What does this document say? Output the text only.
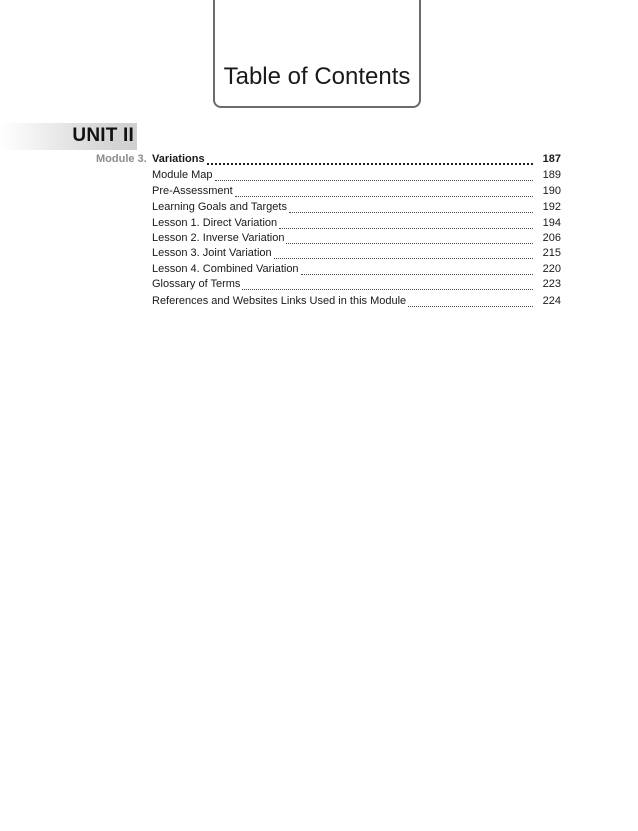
Table of Contents
UNIT II
Module 3. Variations	187
Module Map	189
Pre-Assessment	190
Learning Goals and Targets	192
Lesson 1. Direct Variation	194
Lesson 2. Inverse Variation	206
Lesson 3. Joint Variation	215
Lesson 4. Combined Variation	220
Glossary of Terms	223
References and Websites Links Used in this Module	224
